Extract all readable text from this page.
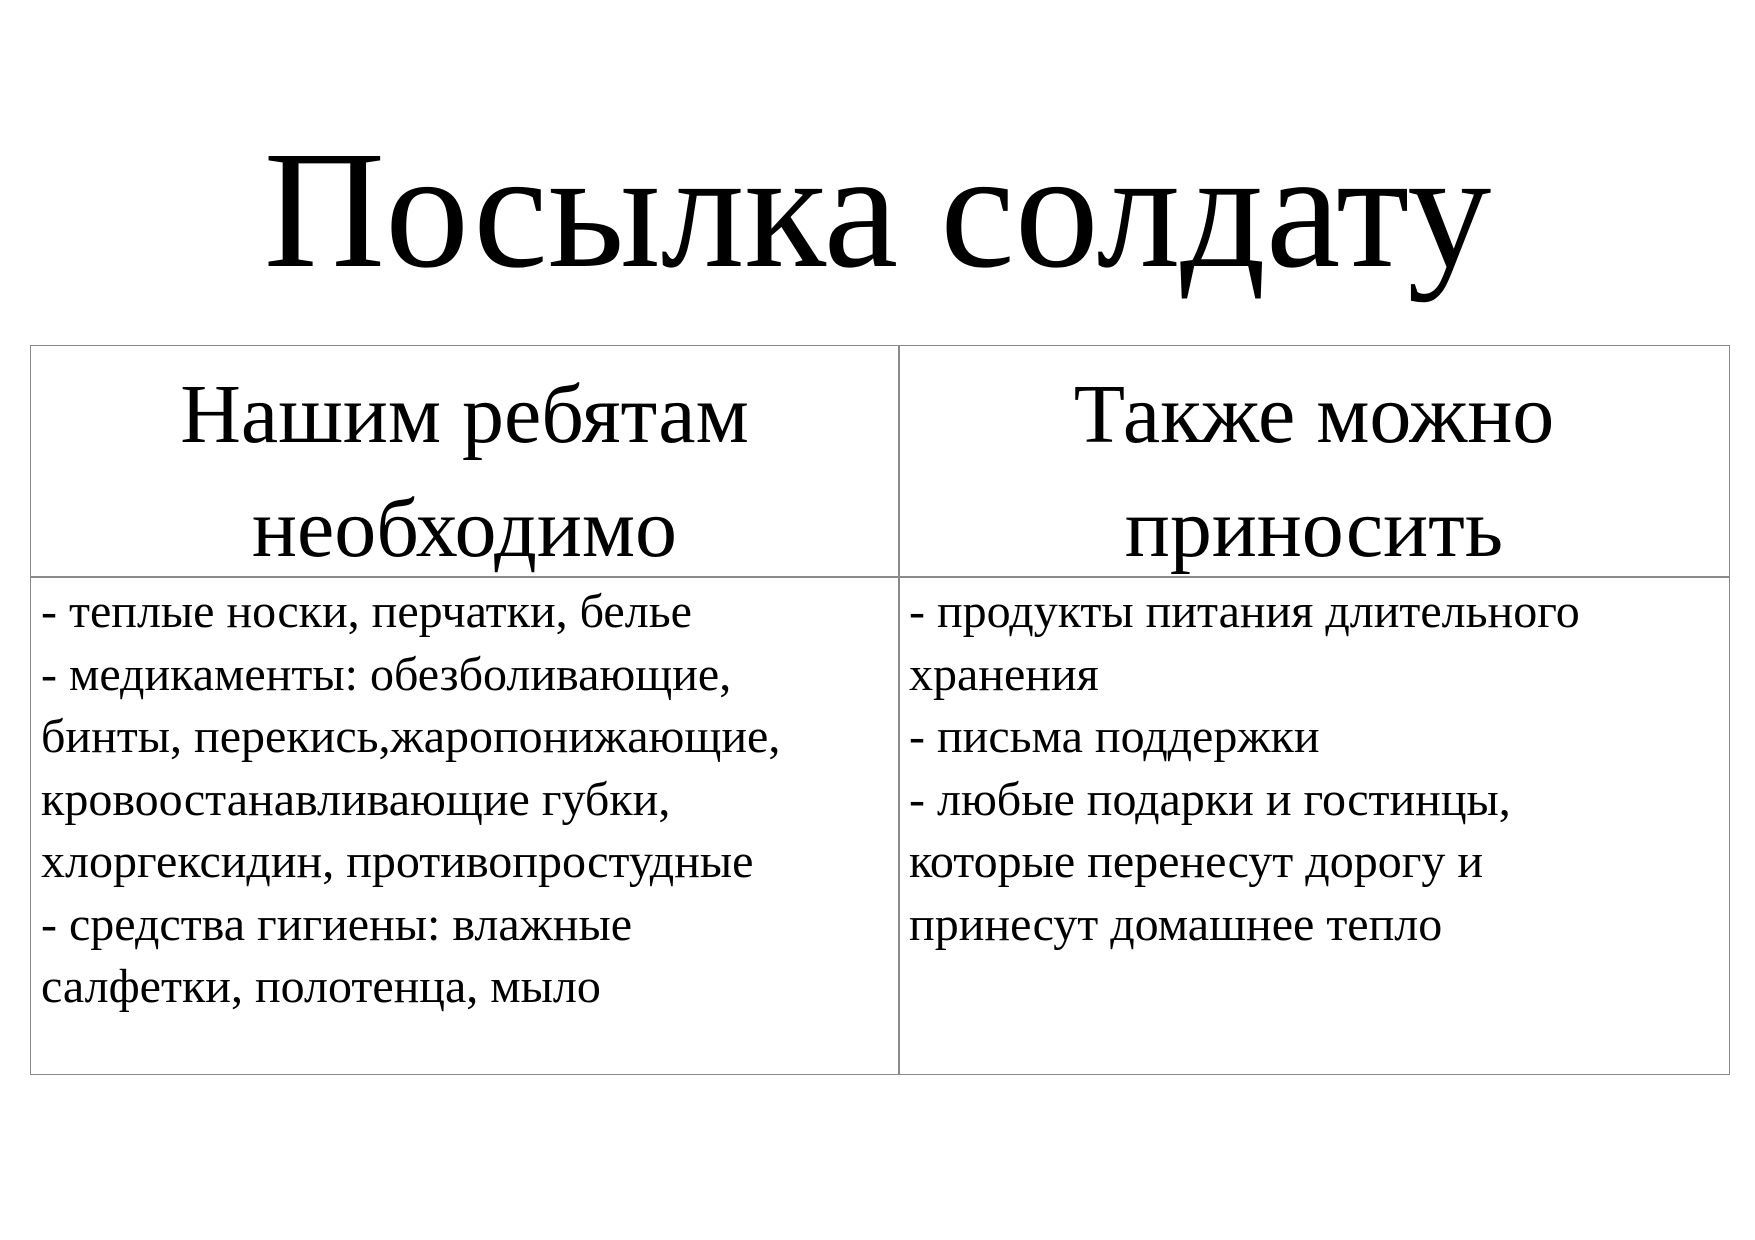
Посылка солдату
Нашим ребятам
необходимо
Также можно
приносить
- теплые носки, перчатки, белье
- медикаменты: обезболивающие,
бинты, перекись,жаропонижающие,
кровоостанавливающие губки,
хлоргексидин, противопростудные
- средства гигиены: влажные
салфетки, полотенца, мыло
- продукты питания длительного
хранения
- письма поддержки
- любые подарки и гостинцы,
которые перенесут дорогу и
принесут домашнее тепло
